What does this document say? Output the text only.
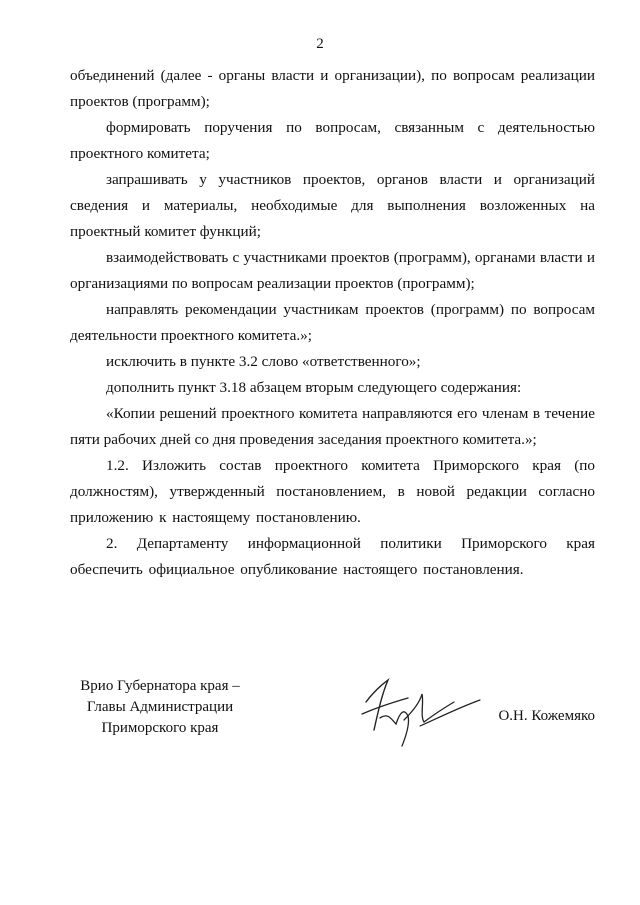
2

объединений (далее - органы власти и организации), по вопросам реализации проектов (программ);

формировать поручения по вопросам, связанным с деятельностью проектного комитета;

запрашивать у участников проектов, органов власти и организаций сведения и материалы, необходимые для выполнения возложенных на проектный комитет функций;

взаимодействовать с участниками проектов (программ), органами власти и организациями по вопросам реализации проектов (программ);

направлять рекомендации участникам проектов (программ) по вопросам деятельности проектного комитета.»;

исключить в пункте 3.2 слово «ответственного»;

дополнить пункт 3.18 абзацем вторым следующего содержания:

«Копии решений проектного комитета направляются его членам в течение пяти рабочих дней со дня проведения заседания проектного комитета.»;

1.2. Изложить состав проектного комитета Приморского края (по должностям), утвержденный постановлением, в новой редакции согласно приложению к настоящему постановлению.

2. Департаменту информационной политики Приморского края обеспечить официальное опубликование настоящего постановления.

Врио Губернатора края –
Главы Администрации
Приморского края
О.Н. Кожемяко
